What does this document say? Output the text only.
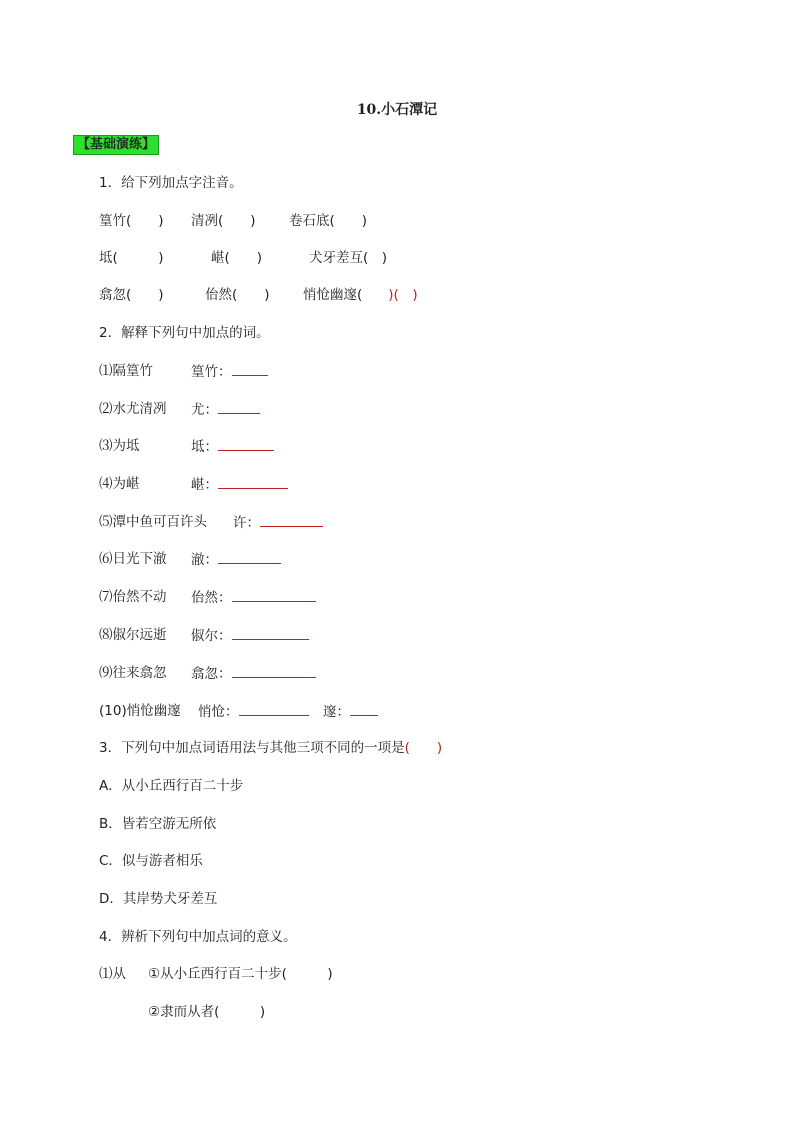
10.小石潭记
【基础演练】
1．给下列加点字注音。
篁竹(　　) 清冽(　　) 卷石底(　　)
坻(　　　)	嵁(　　)	犬牙差互(　)
翕忽(　　)	佁然(　　) 悄怆幽邃( )(　)
2．解释下列句中加点的词。
⑴隔篁竹	篁竹：
⑵水尤清冽 尤：
⑶为坻	坻：
⑷为嵁	嵁：
⑸潭中鱼可百许头 许：
⑹日光下澈 澈：
⑺佁然不动 佁然：
⑻俶尔远逝 俶尔：
⑼往来翕忽 翕忽：
(10)悄怆幽邃 悄怆：	邃：
3．下列句中加点词语用法与其他三项不同的一项是(　　)
A．从小丘西行百二十步
B．皆若空游无所依
C．似与游者相乐
D．其岸势犬牙差互
4．辨析下列句中加点词的意义。
⑴从 ①从小丘西行百二十步(　　　)
②隶而从者(　　　)
